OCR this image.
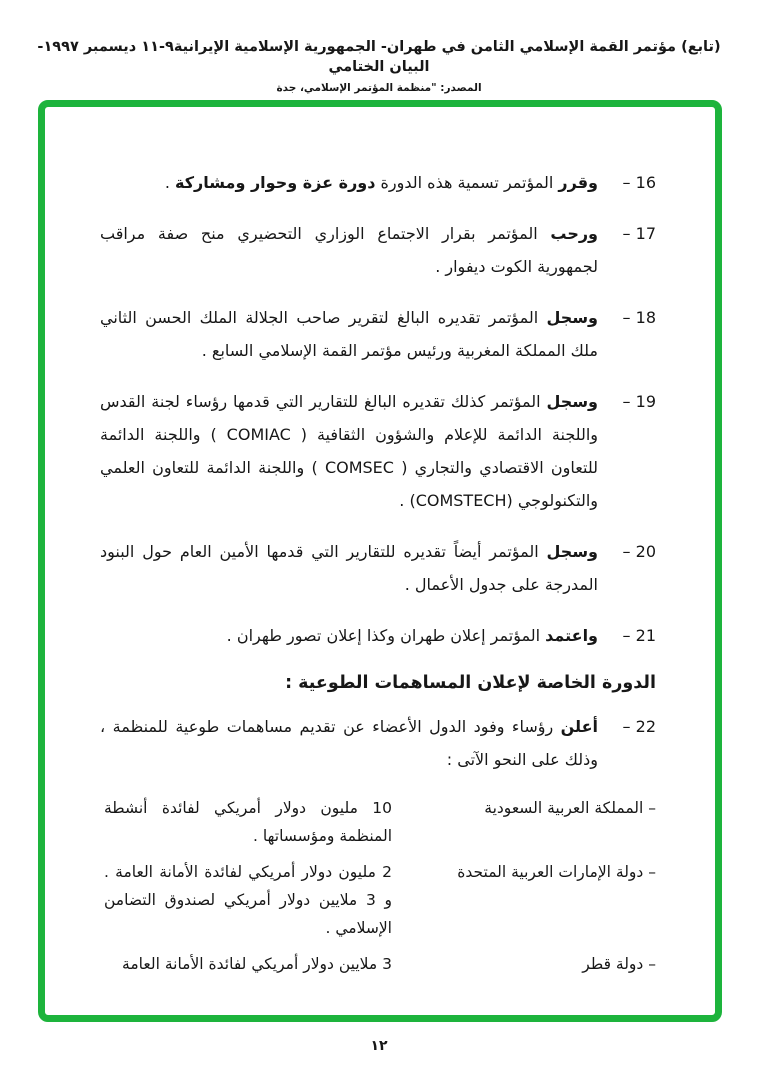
(تابع) مؤتمر القمة الإسلامي الثامن في طهران- الجمهورية الإسلامية الإيرانية٩-١١ ديسمبر ١٩٩٧- البيان الختامي
المصدر: "منظمة المؤتمر الإسلامي، جدة
16 –
وقرر المؤتمر تسمية هذه الدورة دورة عزة وحوار ومشاركة .
17 –
ورحب المؤتمر بقرار الاجتماع الوزاري التحضيري منح صفة مراقب لجمهورية الكوت ديفوار .
18 –
وسجل المؤتمر تقديره البالغ لتقرير صاحب الجلالة الملك الحسن الثاني ملك المملكة المغربية ورئيس مؤتمر القمة الإسلامي السابع .
19 –
وسجل المؤتمر كذلك تقديره البالغ للتقارير التي قدمها رؤساء لجنة القدس واللجنة الدائمة للإعلام والشؤون الثقافية ( COMIAC ) واللجنة الدائمة للتعاون الاقتصادي والتجاري ( COMSEC ) واللجنة الدائمة للتعاون العلمي والتكنولوجي (COMSTECH) .
20 –
وسجل المؤتمر أيضاً تقديره للتقارير التي قدمها الأمين العام حول البنود المدرجة على جدول الأعمال .
21 –
واعتمد المؤتمر إعلان طهران وكذا إعلان تصور طهران .
الدورة الخاصة لإعلان المساهمات الطوعية :
22 –
أعلن رؤساء وفود الدول الأعضاء عن تقديم مساهمات طوعية للمنظمة ، وذلك على النحو الآتى :
– المملكة العربية السعودية
10 مليون دولار أمريكي لفائدة أنشطة المنظمة ومؤسساتها .
– دولة الإمارات العربية المتحدة
2 مليون دولار أمريكي لفائدة الأمانة العامة . و 3 ملايين دولار أمريكي لصندوق التضامن الإسلامي .
– دولة قطر
3 ملايين دولار أمريكي لفائدة الأمانة العامة
١٢
